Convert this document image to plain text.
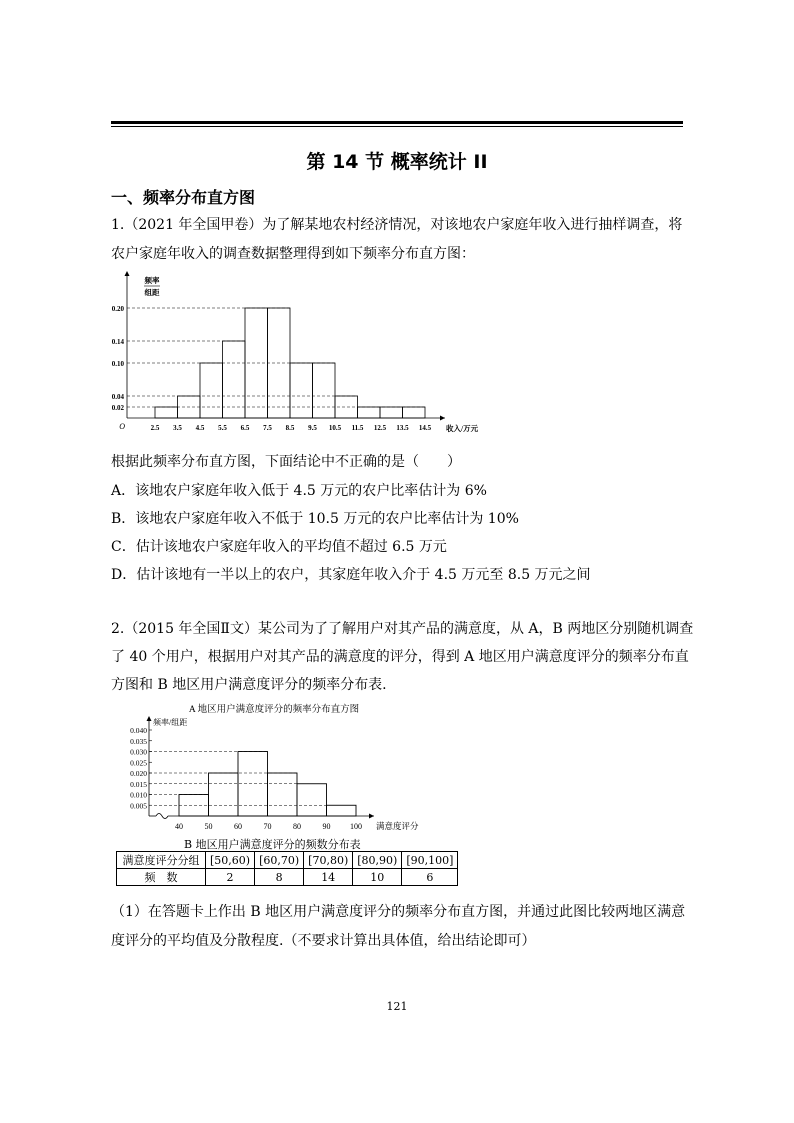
第 14 节 概率统计 II
一、频率分布直方图
1.（2021 年全国甲卷）为了解某地农村经济情况，对该地农户家庭年收入进行抽样调查，将
农户家庭年收入的调查数据整理得到如下频率分布直方图：
0.20
0.14
0.10
0.04
0.02
2.5 3.5 4.5 5.5 6.5 7.5 8.5 9.5 10.5 11.5 12.5 13.5 14.5
O	收入/万元
频率
组距
根据此频率分布直方图，下面结论中不正确的是（　　）
A．该地农户家庭年收入低于 4.5 万元的农户比率估计为 6%
B．该地农户家庭年收入不低于 10.5 万元的农户比率估计为 10%
C．估计该地农户家庭年收入的平均值不超过 6.5 万元
D．估计该地有一半以上的农户，其家庭年收入介于 4.5 万元至 8.5 万元之间
2.（2015 年全国Ⅱ文）某公司为了了解用户对其产品的满意度，从 A，B 两地区分别随机调查
了 40 个用户，根据用户对其产品的满意度的评分，得到 A 地区用户满意度评分的频率分布直
方图和 B 地区用户满意度评分的频率分布表.
A 地区用户满意度评分的频率分布直方图
0.040
0.035
0.030
0.025
0.020
0.015
0.010
0.005
频率/组距
40	50	60	70	80	90 100 满意度评分
B 地区用户满意度评分的频数分布表
满意度评分分组	[50,60)	[60,70)	[70,80)	[80,90)	[90,100]
频　数	2	8	14	10	6
（1）在答题卡上作出 B 地区用户满意度评分的频率分布直方图，并通过此图比较两地区满意
度评分的平均值及分散程度.（不要求计算出具体值，给出结论即可）
121
